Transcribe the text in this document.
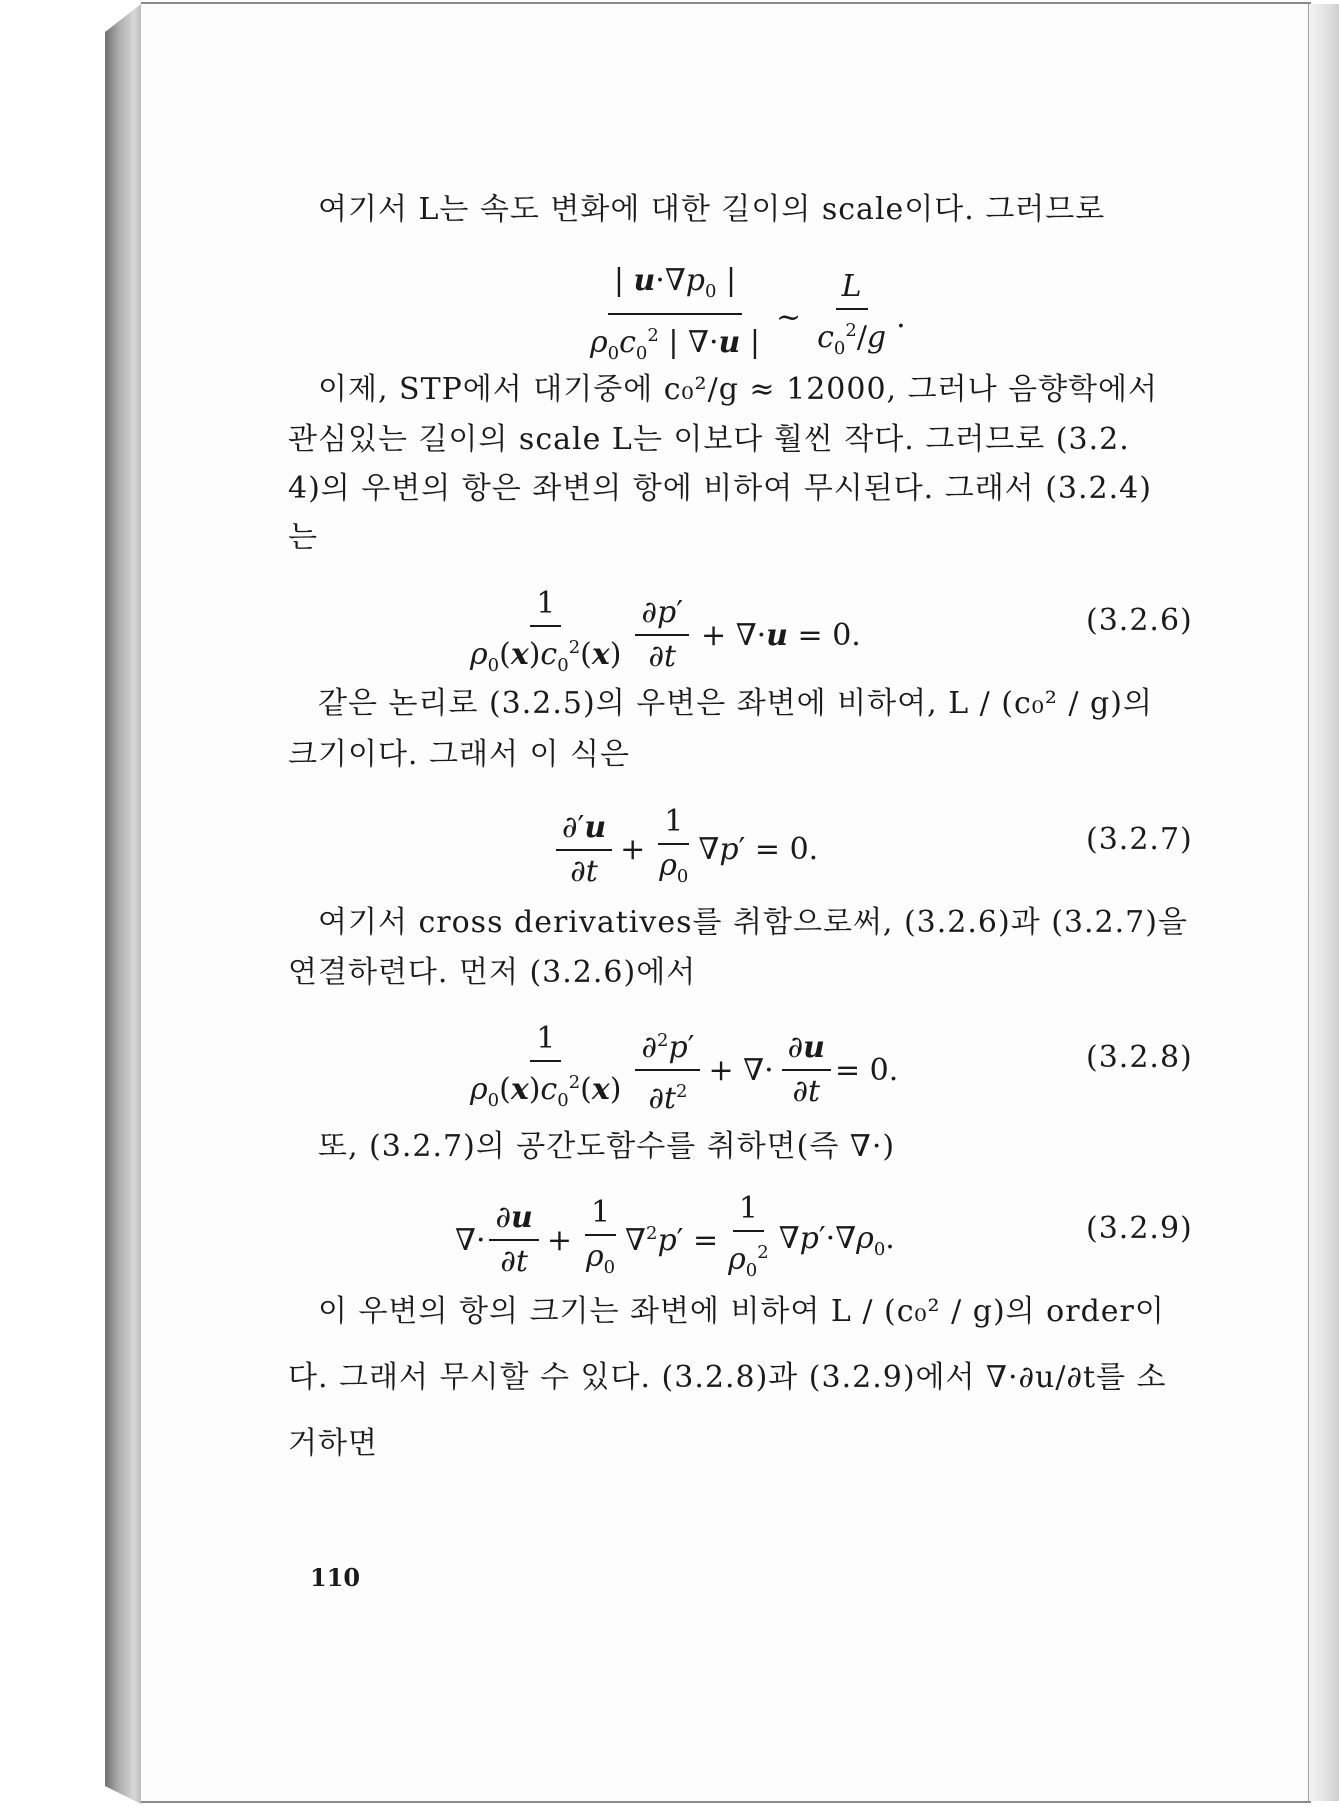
여기서 L는 속도 변화에 대한 길이의 scale이다. 그러므로
$\frac{| u\cdot\nabla p_0 |}{\rho_0c_0^2 | \nabla\cdot u |}$ ~ $\frac{L}{c_0^2/g}$ .
이제, STP에서 대기중에 c₀²/g ≈ 12000, 그러나 음향학에서
관심있는 길이의 scale L는 이보다 훨씬 작다. 그러므로 (3.2.
4)의 우변의 항은 좌변의 항에 비하여 무시된다. 그래서 (3.2.4)
는
$\frac{1}{\rho_0(x)c_0^2(x)} \frac{\partial p'}{\partial t} + \nabla\cdot u = 0$.	(3.2.6)
같은 논리로 (3.2.5)의 우변은 좌변에 비하여, L / (c₀² / g)의
크기이다. 그래서 이 식은
$\frac{\partial'u}{\partial t} + \frac{1}{\rho_0} \nabla p' = 0$.	(3.2.7)
여기서 cross derivatives를 취함으로써, (3.2.6)과 (3.2.7)을
연결하련다. 먼저 (3.2.6)에서
$\frac{1}{\rho_0(x)c_0^2(x)} \frac{\partial^2p'}{\partial t^2}$ + ∇· $\frac{\partial u}{\partial t} = 0$.	(3.2.8)
또, (3.2.7)의 공간도함수를 취하면(즉 ∇·)
∇· $\frac{\partial u}{\partial t} + \frac{1}{\rho_0} \nabla^2p' = \frac{1}{\rho_0^2} \nabla p'\cdot\nabla\rho_0$.	(3.2.9)
이 우변의 항의 크기는 좌변에 비하여 L / (c₀² / g)의 order이
다. 그래서 무시할 수 있다. (3.2.8)과 (3.2.9)에서 ∇·∂u/∂t를 소
거하면
110
